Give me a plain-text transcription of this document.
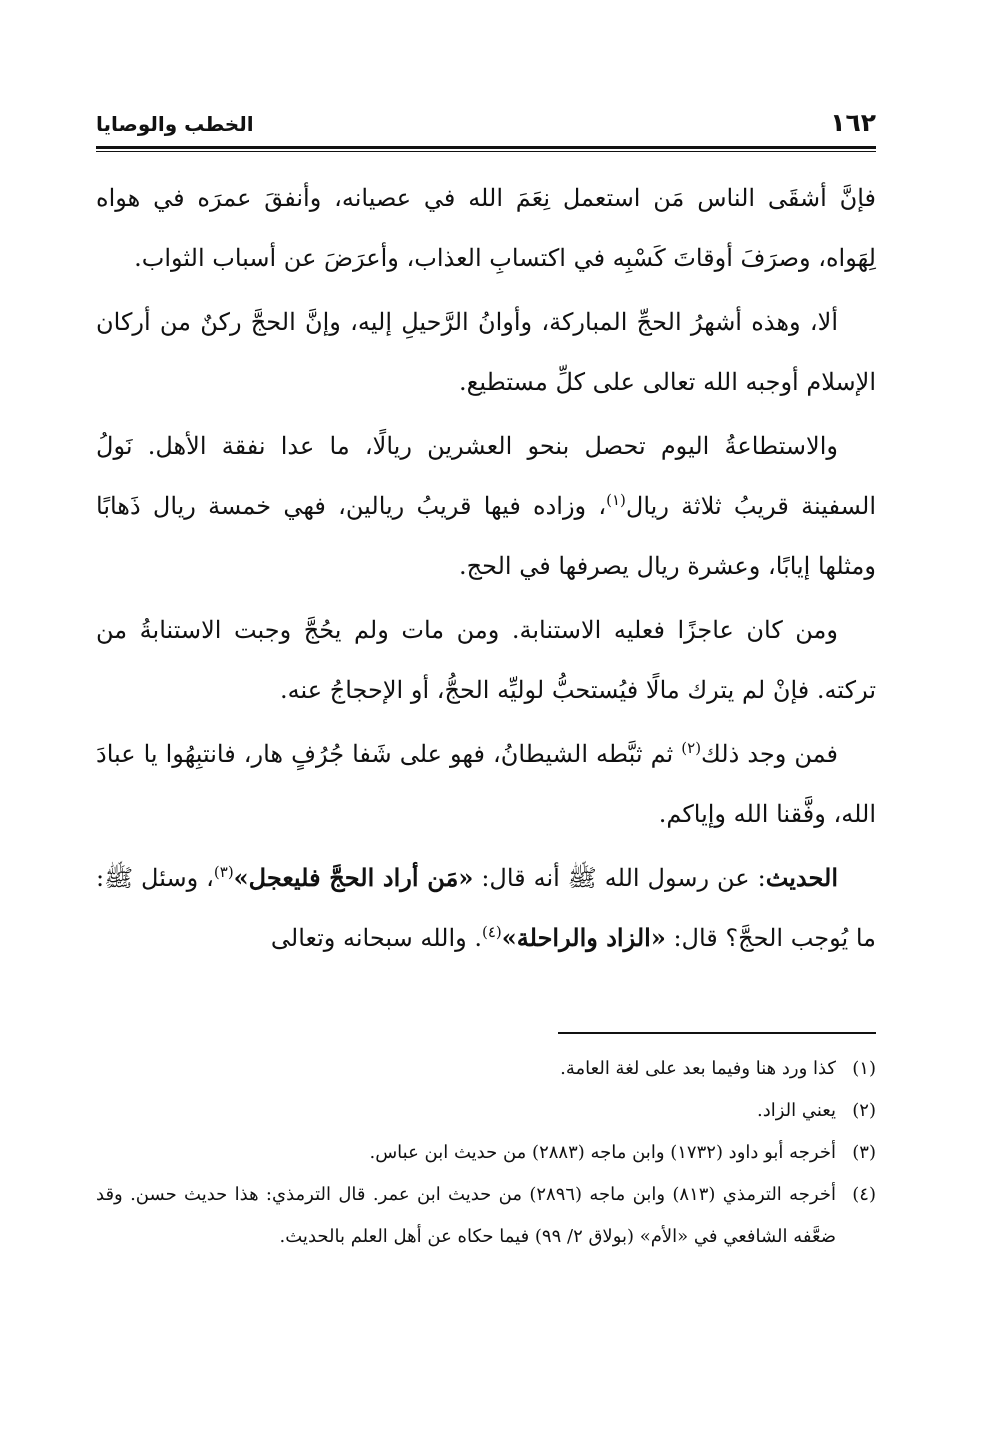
١٦٢
الخطب والوصايا

فإنَّ أشقَى الناس مَن استعمل نِعَمَ الله في عصيانه، وأنفقَ عمرَه في هواه لِهَواه، وصرَفَ أوقاتَ كَسْبِه في اكتسابِ العذاب، وأعرَضَ عن أسباب الثواب.

ألا، وهذه أشهرُ الحجِّ المباركة، وأوانُ الرَّحيلِ إليه، وإنَّ الحجَّ ركنٌ من أركان الإسلام أوجبه الله تعالى على كلِّ مستطيع.

والاستطاعةُ اليوم تحصل بنحو العشرين ريالًا، ما عدا نفقة الأهل. نَولُ السفينة قريبُ ثلاثة ريال$^{(١)}$، وزاده فيها قريبُ ريالين، فهي خمسة ريال ذَهابًا ومثلها إيابًا، وعشرة ريال يصرفها في الحج.

ومن كان عاجزًا فعليه الاستنابة. ومن مات ولم يحُجَّ وجبت الاستنابةُ من تركته. فإنْ لم يترك مالًا فيُستحبُّ لوليِّه الحجُّ، أو الإحجاجُ عنه.

فمن وجد ذلك$^{(٢)}$ ثم ثبَّطه الشيطانُ، فهو على شَفا جُرُفٍ هار، فانتبِهُوا يا عبادَ الله، وفَّقنا الله وإياكم.

الحديث: عن رسول الله ﷺ أنه قال: «مَن أراد الحجَّ فليعجل»$^{(٣)}$، وسئل ﷺ: ما يُوجب الحجَّ؟ قال: «الزاد والراحلة»$^{(٤)}$. والله سبحانه وتعالى

(١)
كذا ورد هنا وفيما بعد على لغة العامة.
(٢)
يعني الزاد.
(٣)
أخرجه أبو داود (١٧٣٢) وابن ماجه (٢٨٨٣) من حديث ابن عباس.
(٤)
أخرجه الترمذي (٨١٣) وابن ماجه (٢٨٩٦) من حديث ابن عمر. قال الترمذي: هذا حديث حسن. وقد ضعَّفه الشافعي في «الأم» (بولاق ٢/ ٩٩) فيما حكاه عن أهل العلم بالحديث.
